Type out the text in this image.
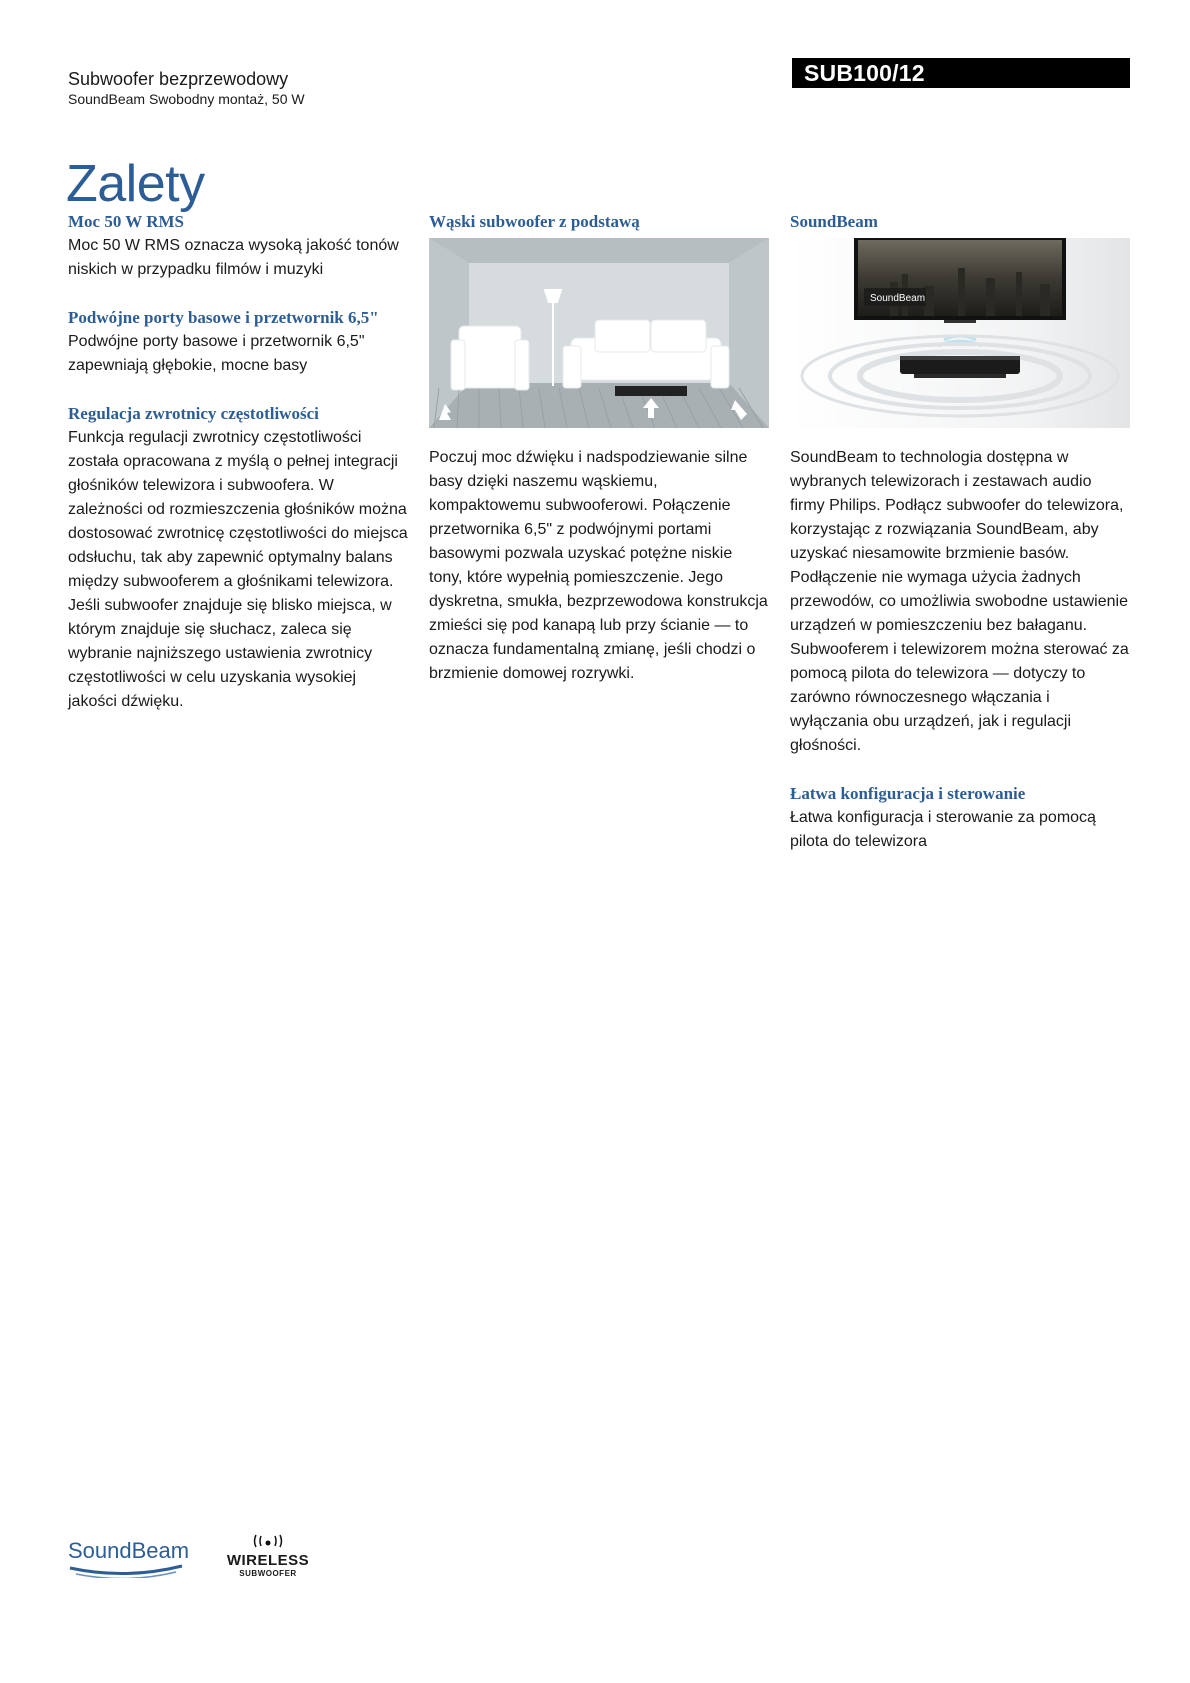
Subwoofer bezprzewodowy
SoundBeam Swobodny montaż, 50 W
SUB100/12
Zalety
Moc 50 W RMS

Moc 50 W RMS oznacza wysoką jakość tonów niskich w przypadku filmów i muzyki

Podwójne porty basowe i przetwornik 6,5"

Podwójne porty basowe i przetwornik 6,5" zapewniają głębokie, mocne basy

Regulacja zwrotnicy częstotliwości

Funkcja regulacji zwrotnicy częstotliwości została opracowana z myślą o pełnej integracji głośników telewizora i subwoofera. W zależności od rozmieszczenia głośników można dostosować zwrotnicę częstotliwości do miejsca odsłuchu, tak aby zapewnić optymalny balans między subwooferem a głośnikami telewizora. Jeśli subwoofer znajduje się blisko miejsca, w którym znajduje się słuchacz, zaleca się wybranie najniższego ustawienia zwrotnicy częstotliwości w celu uzyskania wysokiej jakości dźwięku.

Wąski subwoofer z podstawą

Poczuj moc dźwięku i nadspodziewanie silne basy dzięki naszemu wąskiemu, kompaktowemu subwooferowi. Połączenie przetwornika 6,5" z podwójnymi portami basowymi pozwala uzyskać potężne niskie tony, które wypełnią pomieszczenie. Jego dyskretna, smukła, bezprzewodowa konstrukcja zmieści się pod kanapą lub przy ścianie — to oznacza fundamentalną zmianę, jeśli chodzi o brzmienie domowej rozrywki.

SoundBeam
SoundBeam

SoundBeam to technologia dostępna w wybranych telewizorach i zestawach audio firmy Philips. Podłącz subwoofer do telewizora, korzystając z rozwiązania SoundBeam, aby uzyskać niesamowite brzmienie basów. Podłączenie nie wymaga użycia żadnych przewodów, co umożliwia swobodne ustawienie urządzeń w pomieszczeniu bez bałaganu. Subwooferem i telewizorem można sterować za pomocą pilota do telewizora — dotyczy to zarówno równoczesnego włączania i wyłączania obu urządzeń, jak i regulacji głośności.

Łatwa konfiguracja i sterowanie

Łatwa konfiguracja i sterowanie za pomocą pilota do telewizora

SoundBeam	WIRELESS
SUBWOOFER
